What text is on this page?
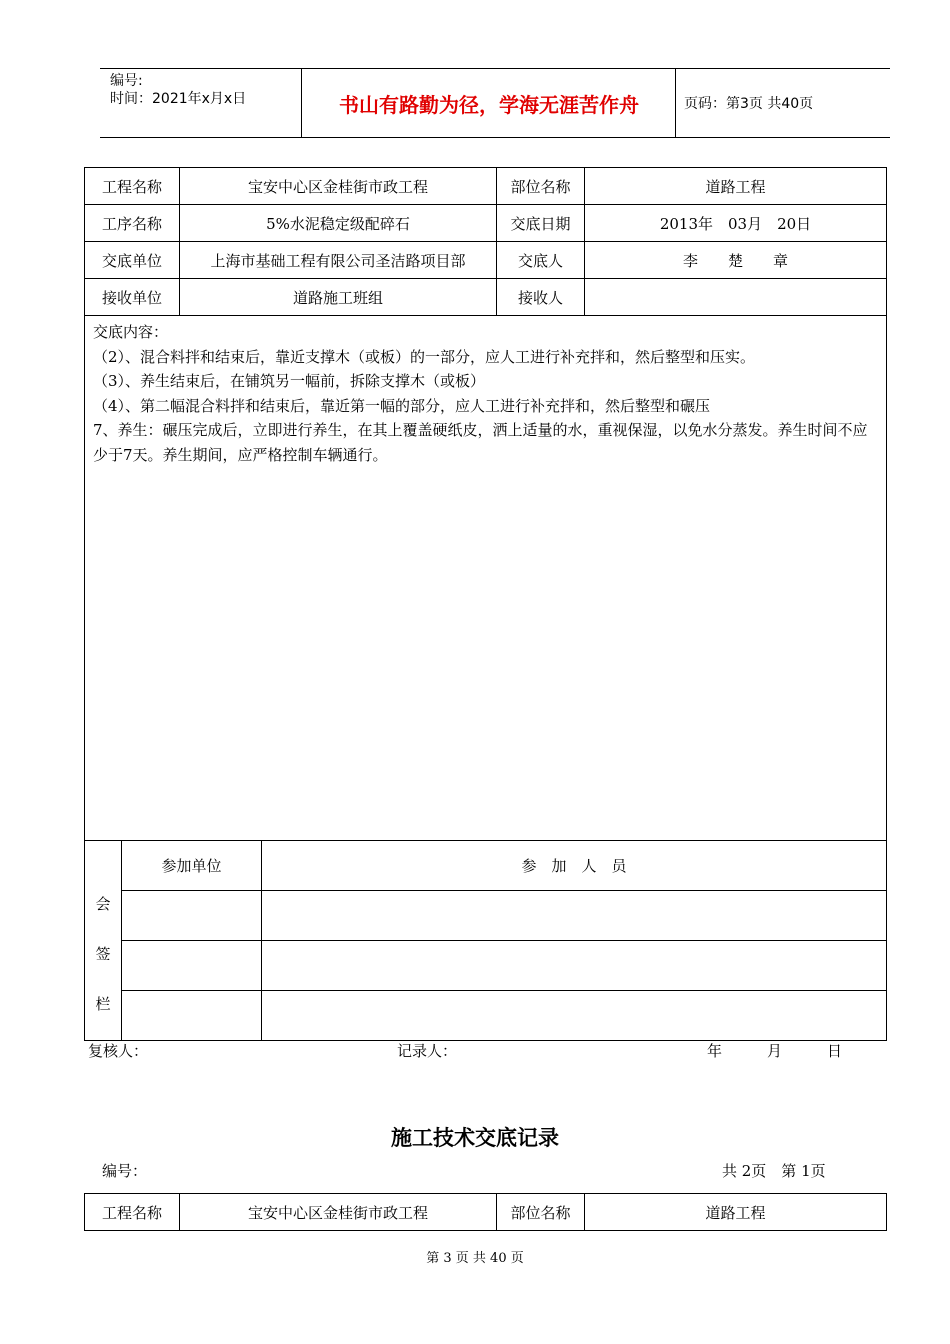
编号:
时间：2021年x月x日	书山有路勤为径，学海无涯苦作舟	页码：第3页 共40页
工程名称	宝安中心区金桂街市政工程	部位名称	道路工程
工序名称	5%水泥稳定级配碎石	交底日期	2013年　03月　20日
交底单位	上海市基础工程有限公司圣洁路项目部	交底人	李　　楚　　章
接收单位	道路施工班组	接收人	

交底内容：

（2）、混合料拌和结束后，靠近支撑木（或板）的一部分，应人工进行补充拌和，然后整型和压实。

（3）、养生结束后，在铺筑另一幅前，拆除支撑木（或板）

（4）、第二幅混合料拌和结束后，靠近第一幅的部分，应人工进行补充拌和，然后整型和碾压

7、养生：碾压完成后，立即进行养生，在其上覆盖硬纸皮，洒上适量的水，重视保湿，以免水分蒸发。养生时间不应少于7天。养生期间，应严格控制车辆通行。			

会
签
栏	参加单位	参　加　人　员

复核人：	记录人：	年　　　月　　　日
施工技术交底记录
编号：	共 2页　第 1页
工程名称	宝安中心区金桂街市政工程	部位名称	道路工程
第 3 页 共 40 页
